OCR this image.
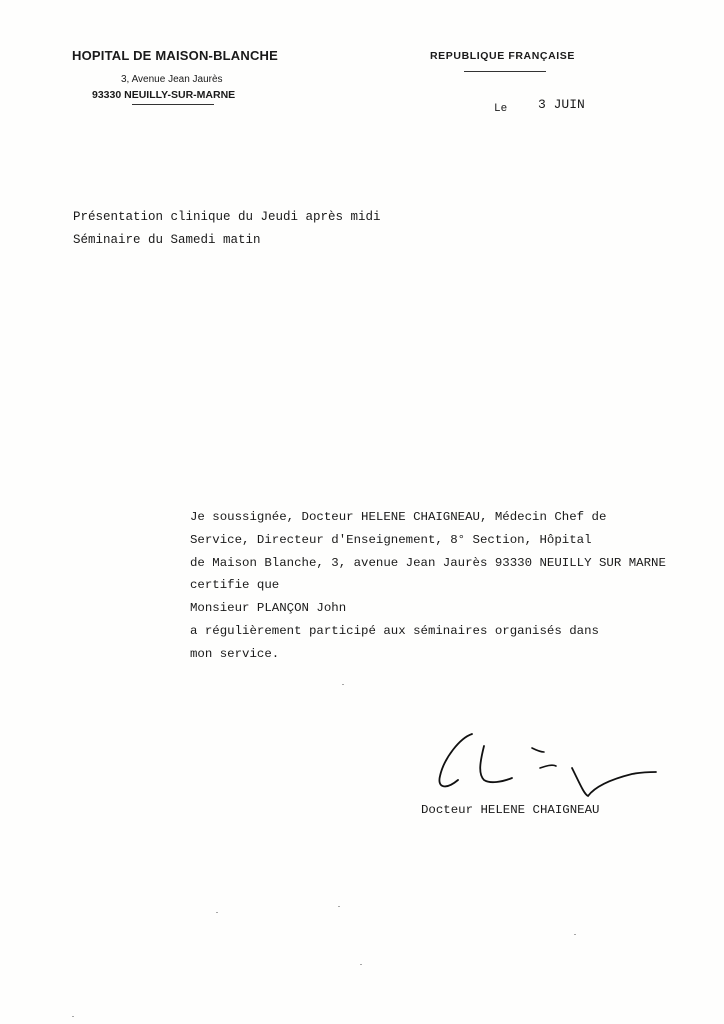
HOPITAL DE MAISON-BLANCHE
3, Avenue Jean Jaurès
93330 NEUILLY-SUR-MARNE
REPUBLIQUE FRANÇAISE
Le 3 JUIN
Présentation clinique du Jeudi après midi
Séminaire du Samedi matin
Je soussignée, Docteur HELENE CHAIGNEAU, Médecin Chef de
Service, Directeur d'Enseignement, 8° Section, Hôpital
de Maison Blanche, 3, avenue Jean Jaurès 93330 NEUILLY SUR MARNE
certifie que
Monsieur PLANÇON John
a régulièrement participé aux séminaires organisés dans
mon service.
Docteur HELENE CHAIGNEAU
